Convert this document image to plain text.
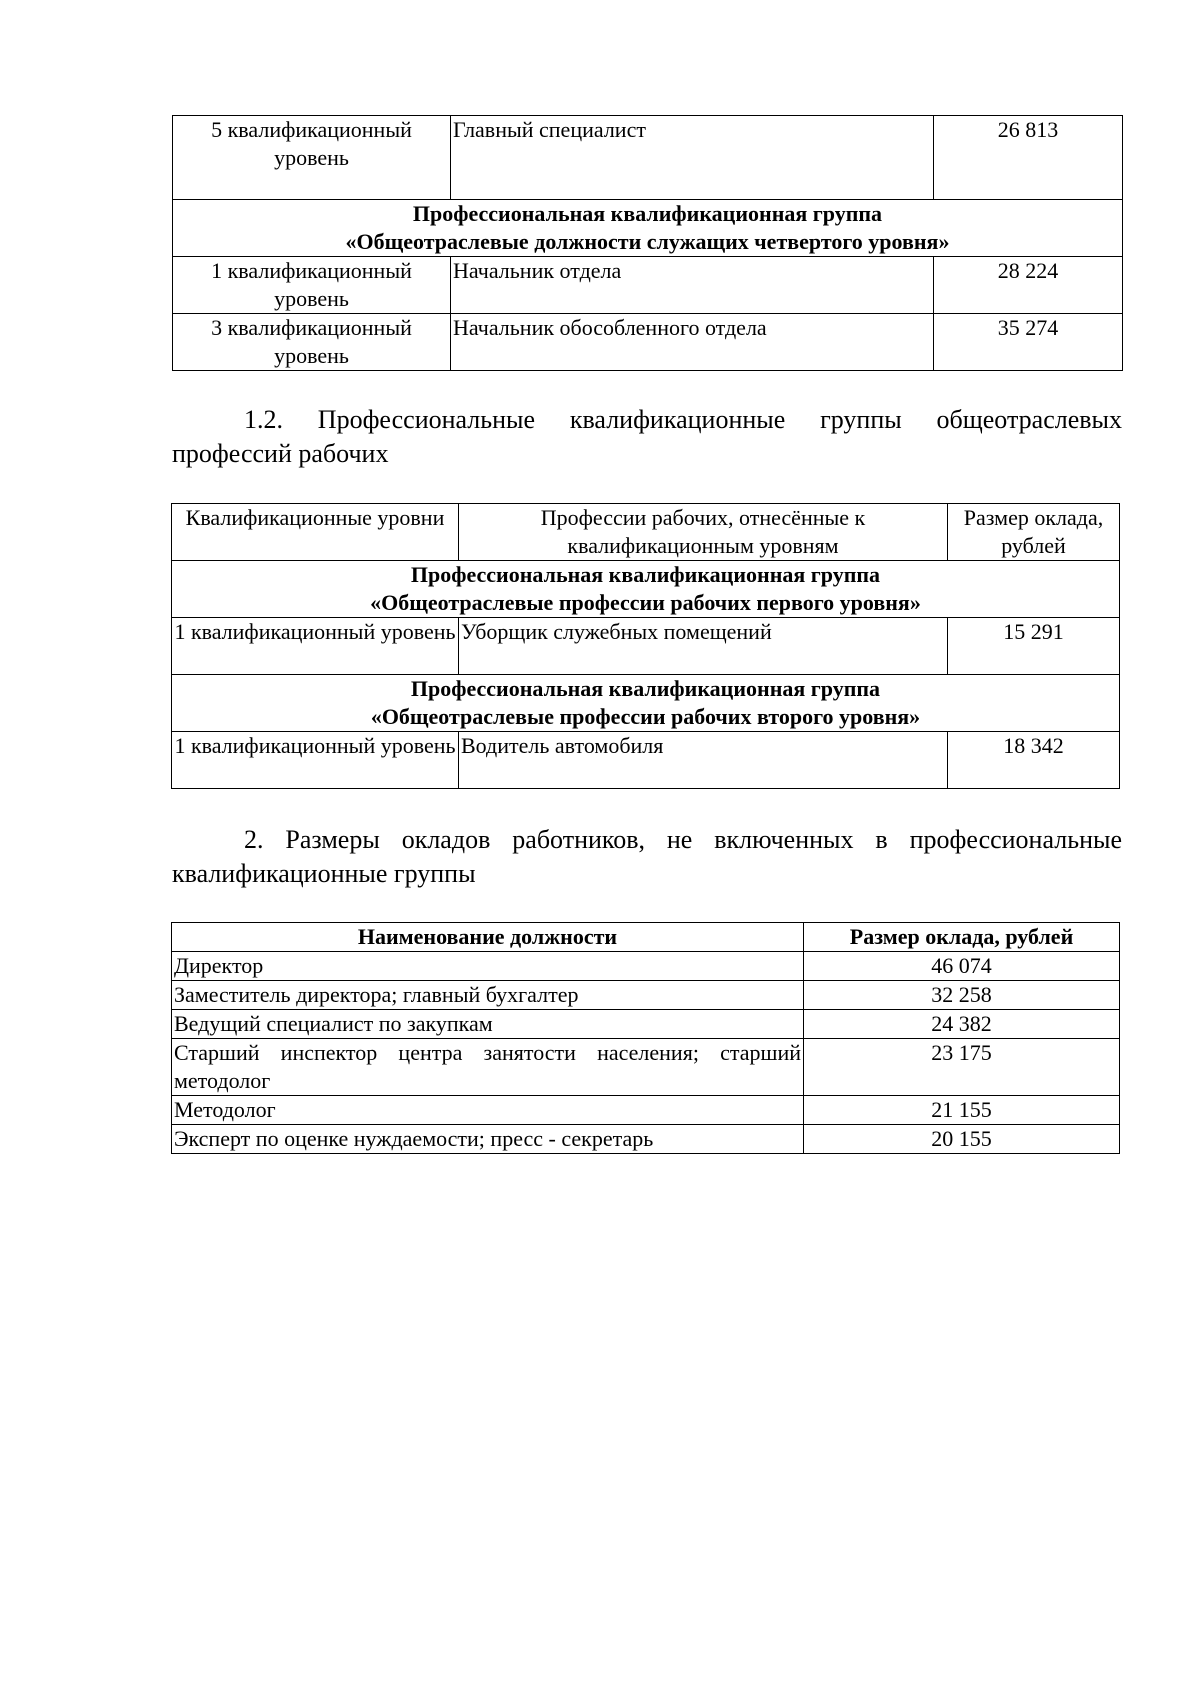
5 квалификационный уровень	Главный специалист	26 813

Профессиональная квалификационная группа
«Общеотраслевые должности служащих четвертого уровня»		

1 квалификационный уровень	Начальник отдела	28 224
3 квалификационный уровень	Начальник обособленного отдела	35 274
1.2. Профессиональные квалификационные группы общеотраслевых профессий рабочих
Квалификационные уровни	Профессии рабочих, отнесённые к квалификационным уровням	Размер оклада, рублей

Профессиональная квалификационная группа
«Общеотраслевые профессии рабочих первого уровня»		

1 квалификационный уровень	Уборщик служебных помещений	15 291

Профессиональная квалификационная группа
«Общеотраслевые профессии рабочих второго уровня»		

1 квалификационный уровень	Водитель автомобиля	18 342
2. Размеры окладов работников, не включенных в профессиональные квалификационные группы
Наименование должности	Размер оклада, рублей
Директор	46 074
Заместитель директора; главный бухгалтер	32 258
Ведущий специалист по закупкам	24 382
Старший инспектор центра занятости населения; старший методолог	23 175
Методолог	21 155
Эксперт по оценке нуждаемости; пресс - секретарь	20 155
